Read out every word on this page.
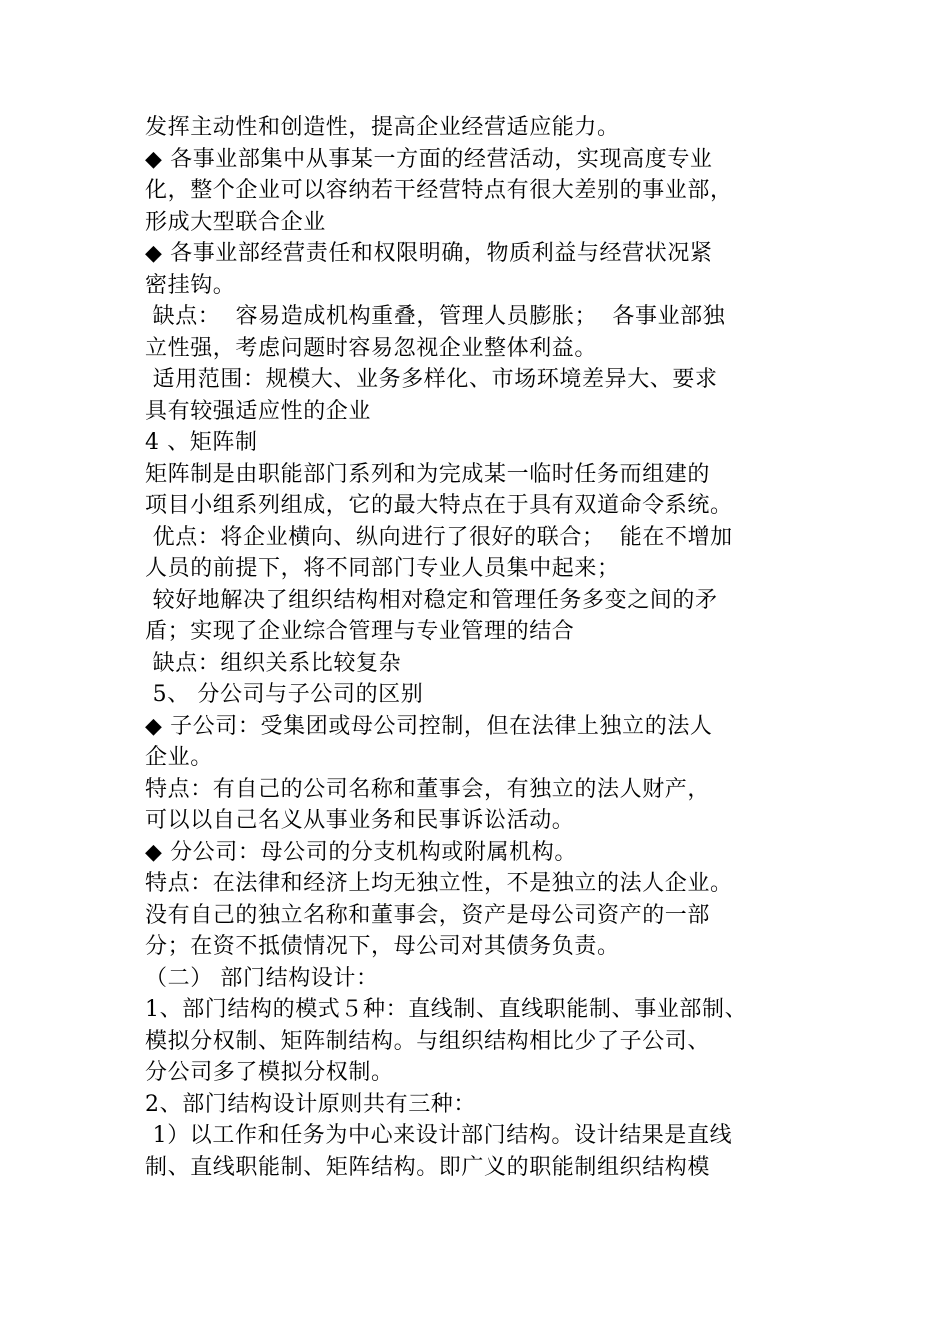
发挥主动性和创造性，提高企业经营适应能力。
◆ 各事业部集中从事某一方面的经营活动，实现高度专业
化，整个企业可以容纳若干经营特点有很大差别的事业部，
形成大型联合企业
◆ 各事业部经营责任和权限明确，物质利益与经营状况紧
密挂钩。
缺点：  容易造成机构重叠，管理人员膨胀；  各事业部独
立性强，考虑问题时容易忽视企业整体利益。
适用范围：规模大、业务多样化、市场环境差异大、要求
具有较强适应性的企业
4 、矩阵制
矩阵制是由职能部门系列和为完成某一临时任务而组建的
项目小组系列组成，它的最大特点在于具有双道命令系统。
优点：将企业横向、纵向进行了很好的联合；  能在不增加
人员的前提下，将不同部门专业人员集中起来；
较好地解决了组织结构相对稳定和管理任务多变之间的矛
盾；实现了企业综合管理与专业管理的结合
缺点：组织关系比较复杂
5、 分公司与子公司的区别
◆ 子公司：受集团或母公司控制，但在法律上独立的法人
企业。
特点：有自己的公司名称和董事会，有独立的法人财产，
可以以自己名义从事业务和民事诉讼活动。
◆ 分公司：母公司的分支机构或附属机构。
特点：在法律和经济上均无独立性，不是独立的法人企业。
没有自己的独立名称和董事会，资产是母公司资产的一部
分；在资不抵债情况下，母公司对其债务负责。
（二） 部门结构设计：
1、部门结构的模式５种：直线制、直线职能制、事业部制、
模拟分权制、矩阵制结构。与组织结构相比少了子公司、
分公司多了模拟分权制。
2、部门结构设计原则共有三种：
1）以工作和任务为中心来设计部门结构。设计结果是直线
制、直线职能制、矩阵结构。即广义的职能制组织结构模
